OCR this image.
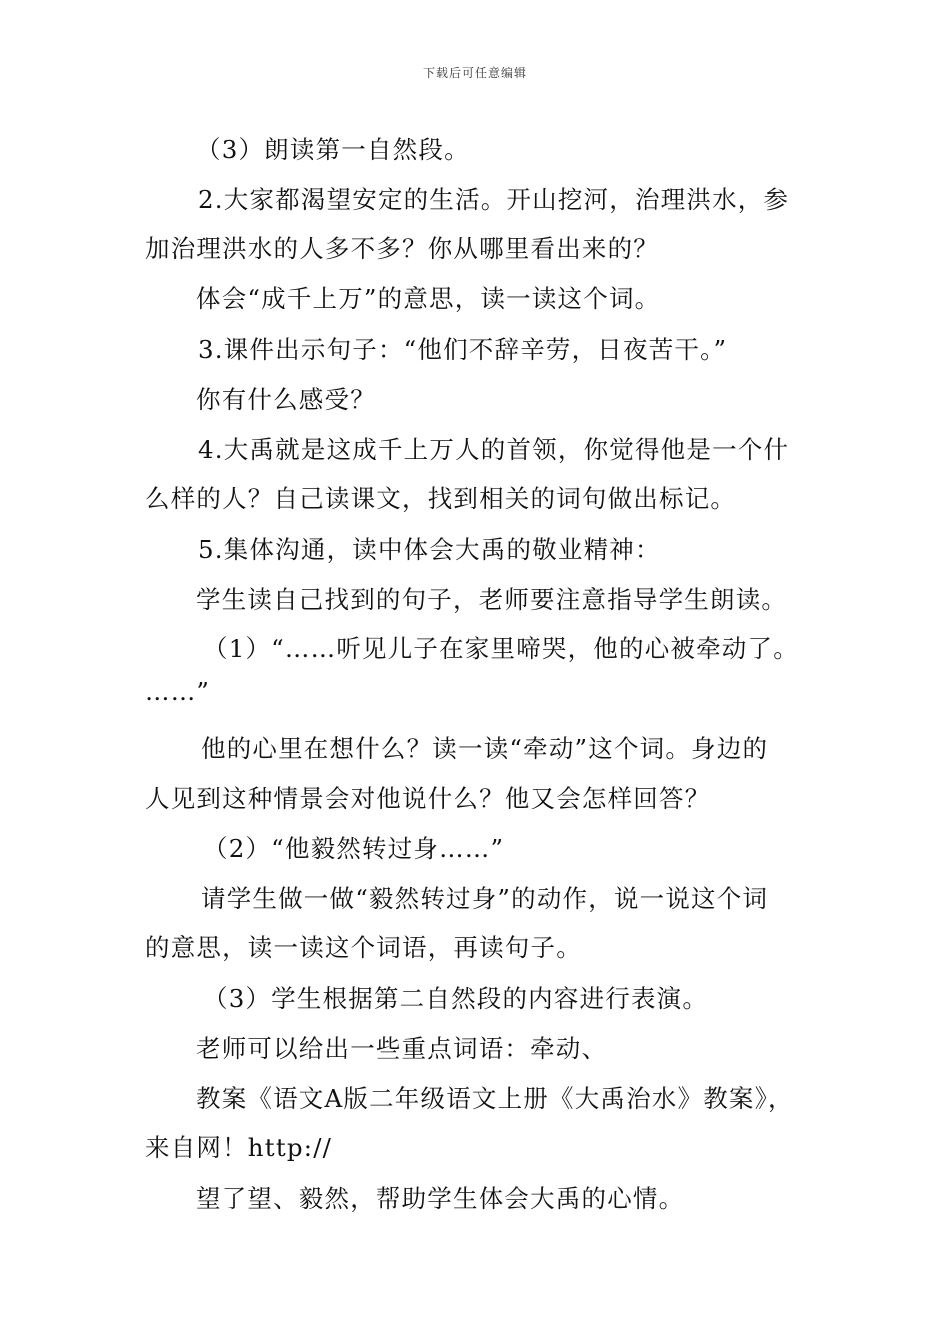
下载后可任意编辑
（3）朗读第一自然段。
2.大家都渴望安定的生活。开山挖河，治理洪水，参
加治理洪水的人多不多？你从哪里看出来的？
体会“成千上万”的意思，读一读这个词。
3.课件出示句子：“他们不辞辛劳，日夜苦干。”
你有什么感受？
4.大禹就是这成千上万人的首领，你觉得他是一个什
么样的人？自己读课文，找到相关的词句做出标记。
5.集体沟通，读中体会大禹的敬业精神：
学生读自己找到的句子，老师要注意指导学生朗读。
（1）“……听见儿子在家里啼哭，他的心被牵动了。
……”
他的心里在想什么？读一读“牵动”这个词。身边的
人见到这种情景会对他说什么？他又会怎样回答？
（2）“他毅然转过身……”
请学生做一做“毅然转过身”的动作，说一说这个词
的意思，读一读这个词语，再读句子。
（3）学生根据第二自然段的内容进行表演。
老师可以给出一些重点词语：牵动、
教案《语文A版二年级语文上册《大禹治水》教案》，
来自网！http://
望了望、毅然，帮助学生体会大禹的心情。
